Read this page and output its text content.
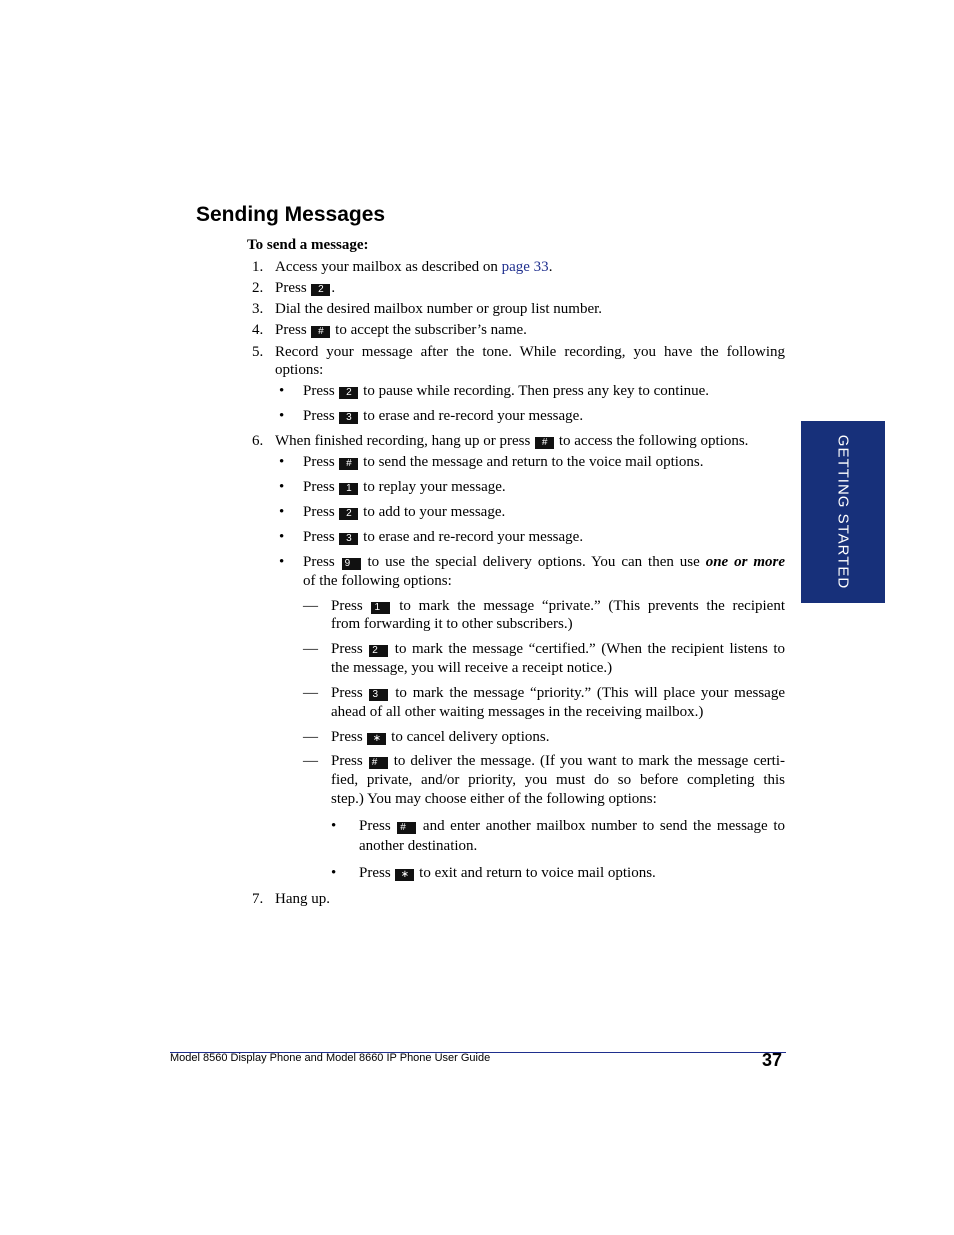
Sending Messages
To send a message:
1. Access your mailbox as described on page 33.
2. Press 2 .
3. Dial the desired mailbox number or group list number.
4. Press # to accept the subscriber’s name.
5. Record your message after the tone. While recording, you have the following
options:
• Press 2 to pause while recording. Then press any key to continue.
• Press 3 to erase and re-record your message.
6. When finished recording, hang up or press # to access the following options.
• Press # to send the message and return to the voice mail options.
• Press 1 to replay your message.
• Press 2 to add to your message.
• Press 3 to erase and re-record your message.
• Press 9 to use the special delivery options. You can then use one or more
of the following options:
— Press 1 to mark the message “private.” (This prevents the recipient
from forwarding it to other subscribers.)
— Press 2 to mark the message “certified.” (When the recipient listens to
the message, you will receive a receipt notice.)
— Press 3 to mark the message “priority.” (This will place your message
ahead of all other waiting messages in the receiving mailbox.)
— Press ∗ to cancel delivery options.
— Press # to deliver the message. (If you want to mark the message certi-
fied, private, and/or priority, you must do so before completing this
step.) You may choose either of the following options:
• Press # and enter another mailbox number to send the message to
another destination.
• Press ∗ to exit and return to voice mail options.
7. Hang up.
GETTING STARTED
Model 8560 Display Phone and Model 8660 IP Phone User Guide	37
